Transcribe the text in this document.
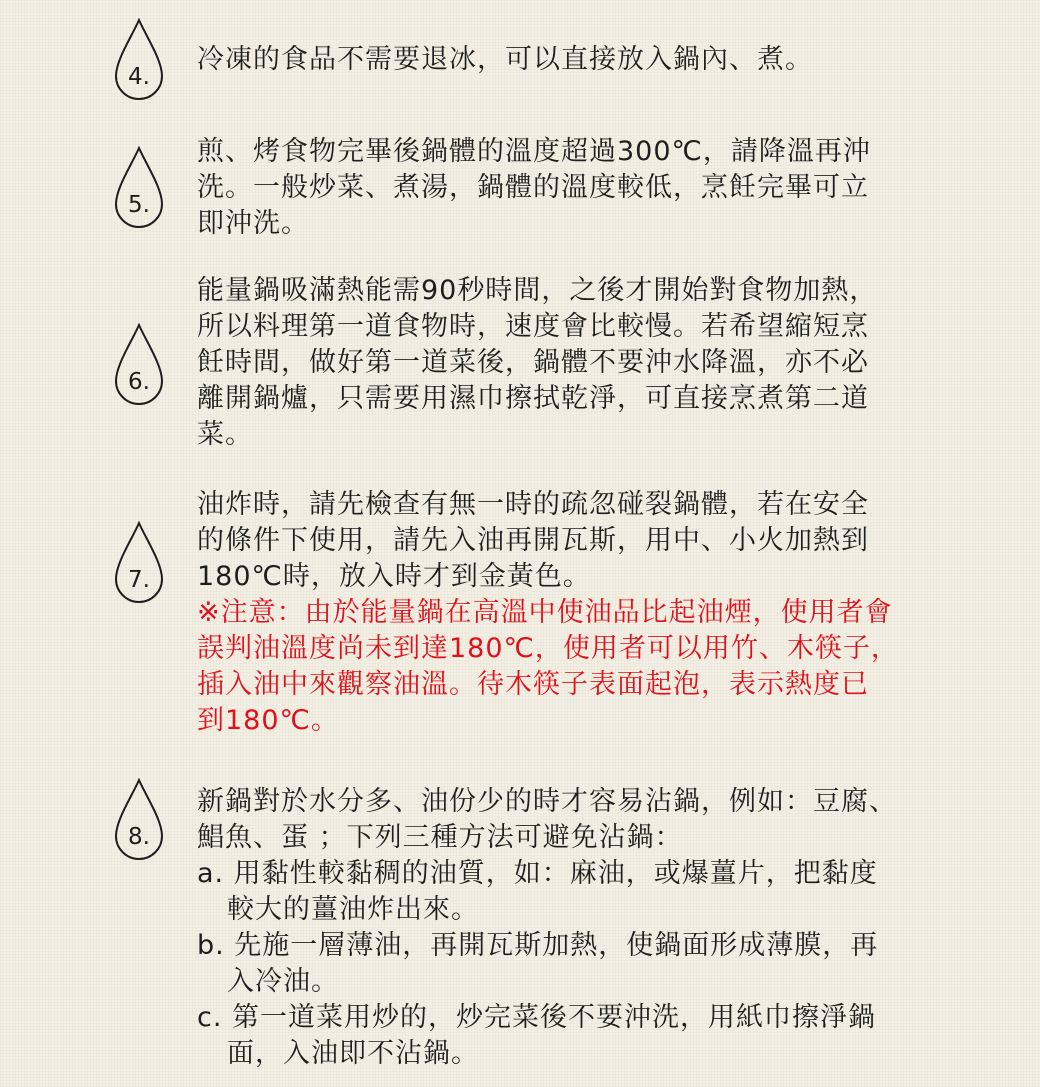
4.
冷凍的食品不需要退冰，可以直接放入鍋內、煮。
5.
煎、烤食物完畢後鍋體的溫度超過300℃，請降溫再沖
洗。一般炒菜、煮湯，鍋體的溫度較低，烹飪完畢可立
即沖洗。
6.
能量鍋吸滿熱能需90秒時間，之後才開始對食物加熱，
所以料理第一道食物時，速度會比較慢。若希望縮短烹
飪時間，做好第一道菜後，鍋體不要沖水降溫，亦不必
離開鍋爐，只需要用濕巾擦拭乾淨，可直接烹煮第二道
菜。
7.
油炸時，請先檢查有無一時的疏忽碰裂鍋體，若在安全
的條件下使用，請先入油再開瓦斯，用中、小火加熱到
180℃時，放入時才到金黃色。
※注意：由於能量鍋在高溫中使油品比起油煙，使用者會
誤判油溫度尚未到達180℃，使用者可以用竹、木筷子，
插入油中來觀察油溫。待木筷子表面起泡，表示熱度已
到180℃。
8.
新鍋對於水分多、油份少的時才容易沾鍋，例如：豆腐、
鯧魚、蛋 ；下列三種方法可避免沾鍋：
a. 用黏性較黏稠的油質，如：麻油，或爆薑片，把黏度
較大的薑油炸出來。
b. 先施一層薄油，再開瓦斯加熱，使鍋面形成薄膜，再
入冷油。
c. 第一道菜用炒的，炒完菜後不要沖洗，用紙巾擦淨鍋
面，入油即不沾鍋。
